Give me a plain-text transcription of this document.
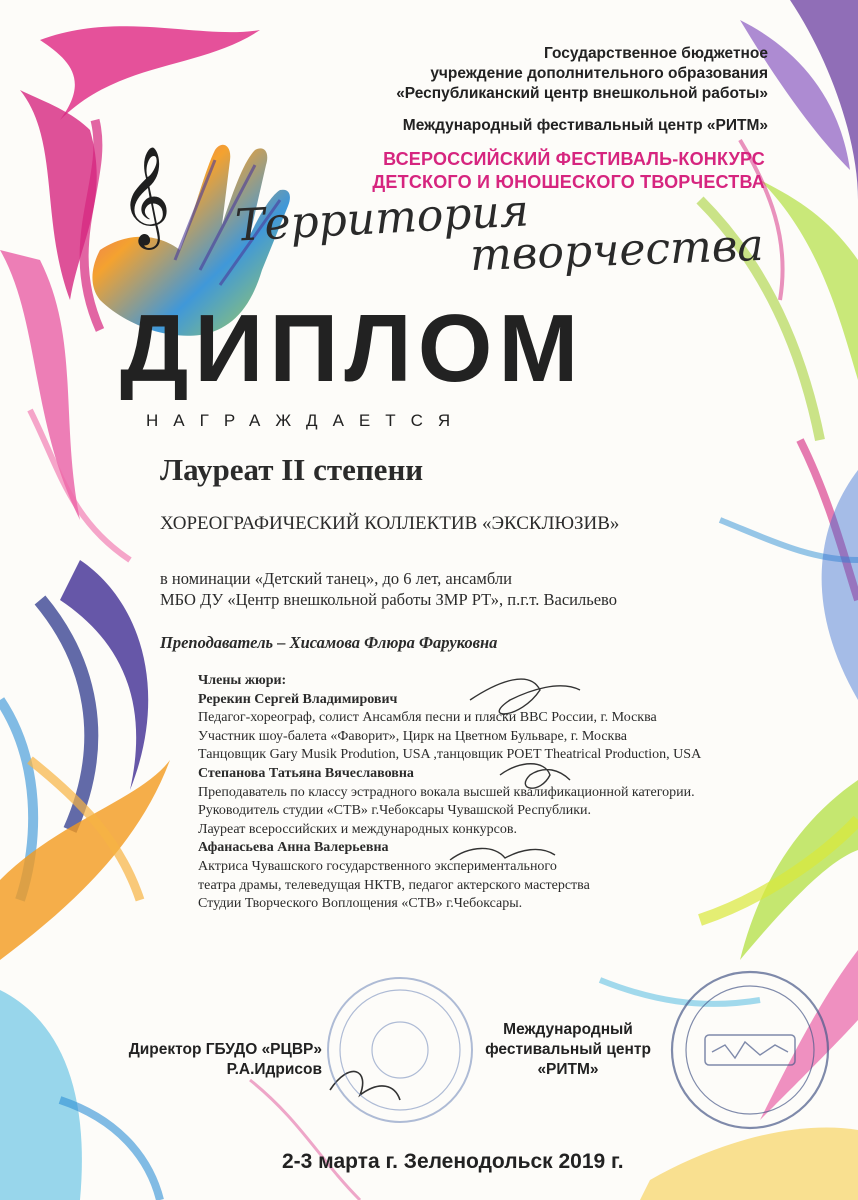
𝄞
Государственное бюджетное
учреждение дополнительного образования
«Республиканский центр внешкольной работы»
Международный фестивальный центр «РИТМ»
ВСЕРОССИЙСКИЙ ФЕСТИВАЛЬ-КОНКУРС
ДЕТСКОГО И ЮНОШЕСКОГО ТВОРЧЕСТВА
Территория
творчества
ДИПЛОМ
НАГРАЖДАЕТСЯ
Лауреат II степени
ХОРЕОГРАФИЧЕСКИЙ КОЛЛЕКТИВ «ЭКСКЛЮЗИВ»
в номинации «Детский танец», до 6 лет, ансамбли
МБО ДУ «Центр внешкольной работы ЗМР РТ», п.г.т. Васильево
Преподаватель – Хисамова Флюра Фаруковна
Члены жюри:
Ререкин Сергей Владимирович
Педагог-хореограф, солист Ансамбля песни и пляски ВВС России, г. Москва
Участник шоу-балета «Фаворит», Цирк на Цветном Бульваре, г. Москва
Танцовщик Gary Musik Prodution, USA ,танцовщик POET Theatrical Production, USA
Степанова Татьяна Вячеславовна
Преподаватель по классу эстрадного вокала высшей квалификационной категории.
Руководитель студии «СТВ» г.Чебоксары Чувашской Республики.
Лауреат всероссийских и международных конкурсов.
Афанасьева Анна Валерьевна
Актриса Чувашского государственного экспериментального
театра драмы, телеведущая НКТВ, педагог актерского мастерства
Студии Творческого Воплощения «СТВ» г.Чебоксары.
Директор ГБУДО «РЦВР»
Р.А.Идрисов
Международный
фестивальный центр
«РИТМ»
2-3 марта г. Зеленодольск 2019 г.
